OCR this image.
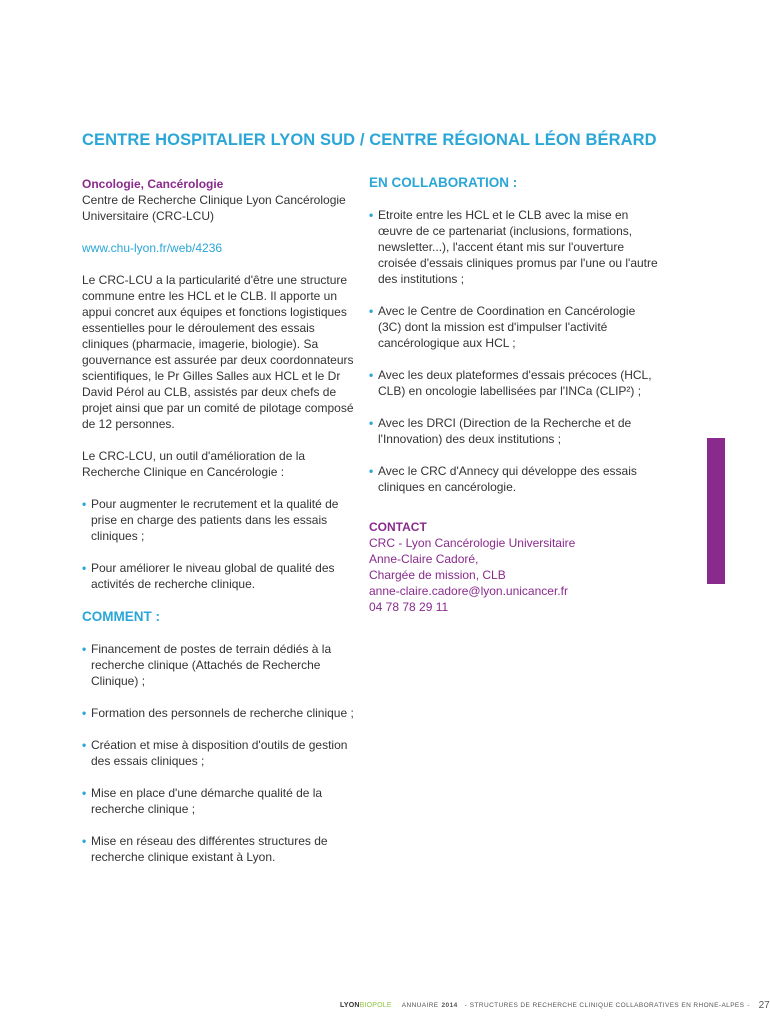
CENTRE HOSPITALIER LYON SUD / CENTRE RÉGIONAL LÉON BÉRARD
Oncologie, Cancérologie
Centre de Recherche Clinique Lyon Cancérologie Universitaire (CRC-LCU)
www.chu-lyon.fr/web/4236
Le CRC-LCU a la particularité d'être une structure commune entre les HCL et le CLB. Il apporte un appui concret aux équipes et fonctions logistiques essentielles pour le déroulement des essais cliniques (pharmacie, imagerie, biologie). Sa gouvernance est assurée par deux coordonnateurs scientifiques, le Pr Gilles Salles aux HCL et le Dr David Pérol au CLB, assistés par deux chefs de projet ainsi que par un comité de pilotage composé de 12 personnes.
Le CRC-LCU, un outil d'amélioration de la Recherche Clinique en Cancérologie :
• Pour augmenter le recrutement et la qualité de prise en charge des patients dans les essais cliniques ;
• Pour améliorer le niveau global de qualité des activités de recherche clinique.
COMMENT :
• Financement de postes de terrain dédiés à la recherche clinique (Attachés de Recherche Clinique) ;
• Formation des personnels de recherche clinique ;
• Création et mise à disposition d'outils de gestion des essais cliniques ;
• Mise en place d'une démarche qualité de la recherche clinique ;
• Mise en réseau des différentes structures de recherche clinique existant à Lyon.
EN COLLABORATION :
• Etroite entre les HCL et le CLB avec la mise en œuvre de ce partenariat (inclusions, formations, newsletter...), l'accent étant mis sur l'ouverture croisée d'essais cliniques promus par l'une ou l'autre des institutions ;
• Avec le Centre de Coordination en Cancérologie (3C) dont la mission est d'impulser l'activité cancérologique aux HCL ;
• Avec les deux plateformes d'essais précoces (HCL, CLB) en oncologie labellisées par l'INCa (CLIP²) ;
• Avec les DRCI (Direction de la Recherche et de l'Innovation) des deux institutions ;
• Avec le CRC d'Annecy qui développe des essais cliniques en cancérologie.
CONTACT
CRC - Lyon Cancérologie Universitaire
Anne-Claire Cadoré,
Chargée de mission, CLB
anne-claire.cadore@lyon.unicancer.fr
04 78 78 29 11
LYONBIOPOLE ANNUAIRE 2014 - STRUCTURES DE RECHERCHE CLINIQUE COLLABORATIVES EN RHONE-ALPES - 27
